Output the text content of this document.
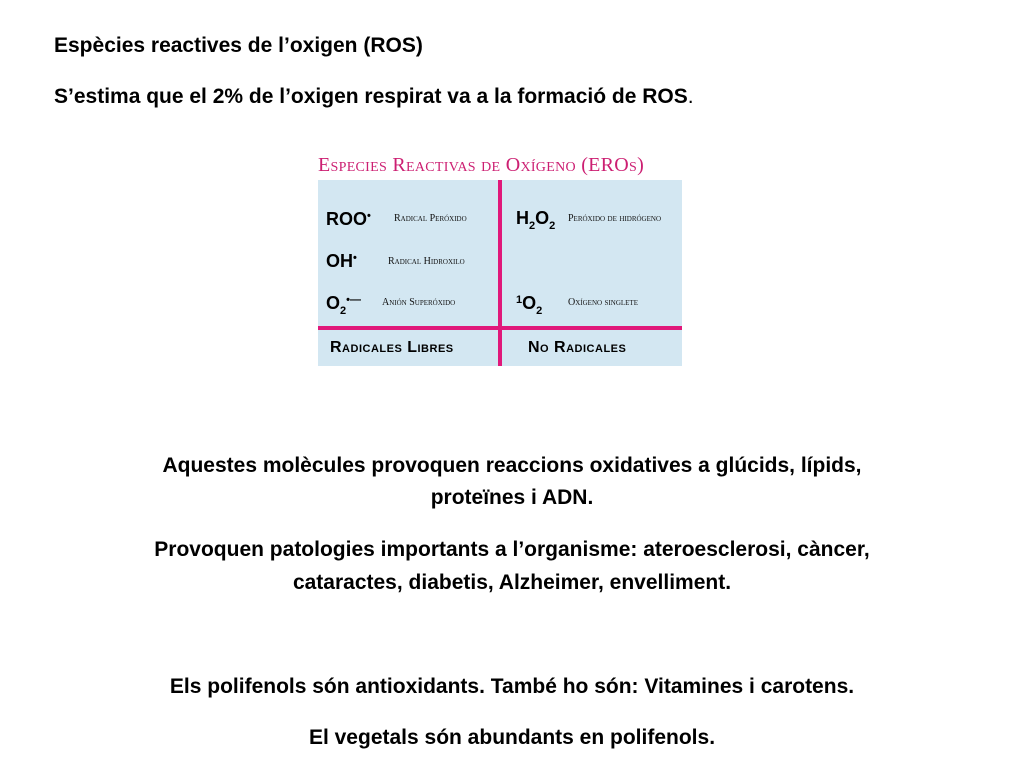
Espècies reactives de l’oxigen (ROS)
S’estima que el 2% de l’oxigen respirat va a la formació de ROS.
Especies Reactivas de Oxígeno (EROs)
ROO• Radical Peróxido
OH•	Radical Hidroxilo
$O_2^{•—}$ Anión Superóxido
$H_2O_2$
Peróxido de hidrógeno
$^1O_2$
Oxígeno singlete
Radicales Libres	No Radicales
Aquestes molècules provoquen reaccions oxidatives a glúcids, lípids,
proteïnes i ADN.
Provoquen patologies importants a l’organisme: ateroesclerosi, càncer,
cataractes, diabetis, Alzheimer, envelliment.
Els polifenols són antioxidants. També ho són: Vitamines i carotens.
El vegetals són abundants en polifenols.
